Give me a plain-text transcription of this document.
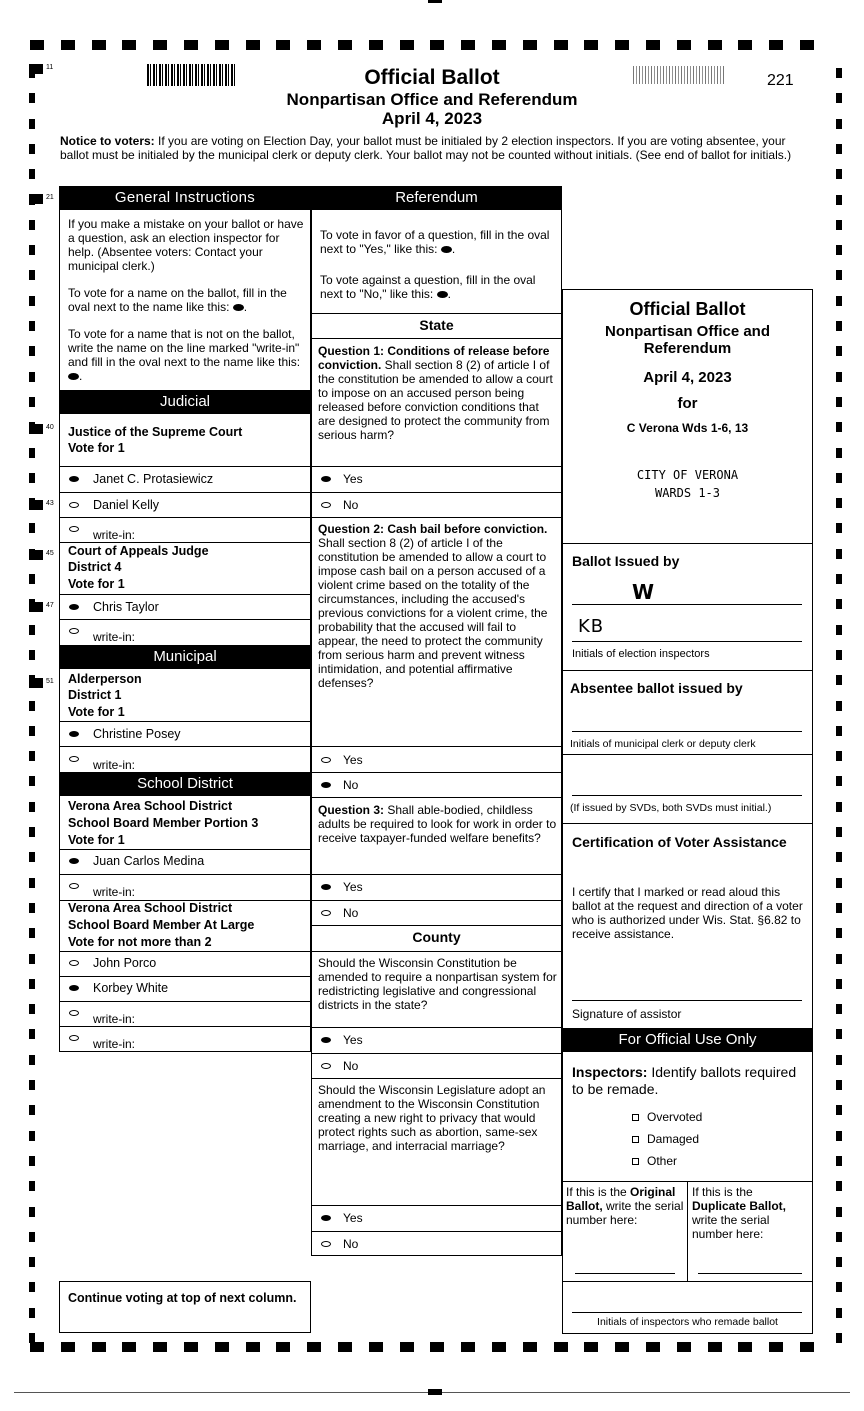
Official Ballot
Nonpartisan Office and Referendum
April 4, 2023
221
Notice to voters: If you are voting on Election Day, your ballot must be initialed by 2 election inspectors. If you are voting absentee, your ballot must be initialed by the municipal clerk or deputy clerk. Your ballot may not be counted without initials. (See end of ballot for initials.)
General Instructions
If you make a mistake on your ballot or have a question, ask an election inspector for help. (Absentee voters: Contact your municipal clerk.)
To vote for a name on the ballot, fill in the oval next to the name like this: .
To vote for a name that is not on the ballot, write the name on the line marked "write-in" and fill in the oval next to the name like this: .
Judicial
Justice of the Supreme Court
Vote for 1
Janet C. Protasiewicz
Daniel Kelly
write-in:
Court of Appeals Judge
District 4
Vote for 1
Chris Taylor
write-in:
Municipal
Alderperson
District 1
Vote for 1
Christine Posey
write-in:
School District
Verona Area School District
School Board Member Portion 3
Vote for 1
Juan Carlos Medina
write-in:
Verona Area School District
School Board Member At Large
Vote for not more than 2
John Porco
Korbey White
write-in:
write-in:
Continue voting at top of next column.
Referendum
To vote in favor of a question, fill in the oval next to "Yes," like this: .
To vote against a question, fill in the oval next to "No," like this: .
State
Question 1: Conditions of release before conviction. Shall section 8 (2) of article I of the constitution be amended to allow a court to impose on an accused person being released before conviction conditions that are designed to protect the community from serious harm?
Yes
No
Question 2: Cash bail before conviction. Shall section 8 (2) of article I of the constitution be amended to allow a court to impose cash bail on a person accused of a violent crime based on the totality of the circumstances, including the accused's previous convictions for a violent crime, the probability that the accused will fail to appear, the need to protect the community from serious harm and prevent witness intimidation, and potential affirmative defenses?
Yes
No
Question 3: Shall able-bodied, childless adults be required to look for work in order to receive taxpayer-funded welfare benefits?
Yes
No
County
Should the Wisconsin Constitution be amended to require a nonpartisan system for redistricting legislative and congressional districts in the state?
Yes
No
Should the Wisconsin Legislature adopt an amendment to the Wisconsin Constitution creating a new right to privacy that would protect rights such as abortion, same-sex marriage, and interracial marriage?
Yes
No
Official Ballot
Nonpartisan Office and Referendum
April 4, 2023
for
C Verona Wds 1-6, 13
CITY OF VERONA
WARDS 1-3
Ballot Issued by
W
KB
Initials of election inspectors
Absentee ballot issued by
Initials of municipal clerk or deputy clerk
(If issued by SVDs, both SVDs must initial.)
Certification of Voter Assistance
I certify that I marked or read aloud this ballot at the request and direction of a voter who is authorized under Wis. Stat. §6.82 to receive assistance.
Signature of assistor
For Official Use Only
Inspectors: Identify ballots required to be remade.
Overvoted
Damaged
Other
If this is the Original Ballot, write the serial number here:
If this is the Duplicate Ballot, write the serial number here:
Initials of inspectors who remade ballot
11
21
40
43
45
47
51
